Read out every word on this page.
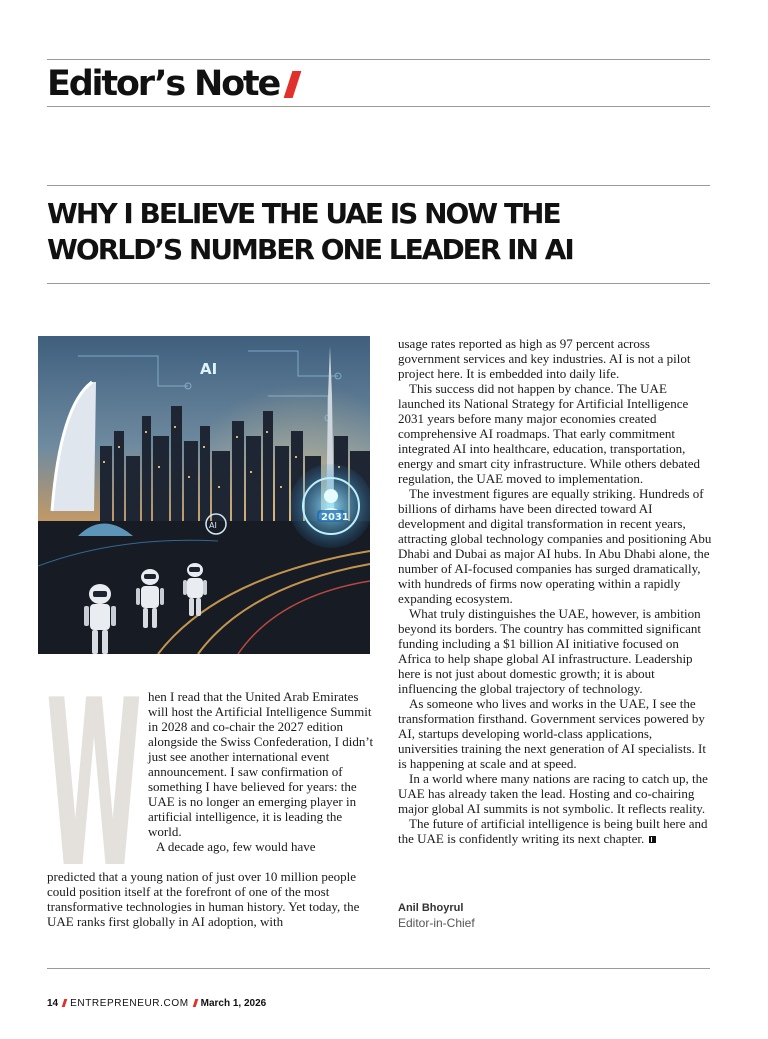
Editor’s Note
WHY I BELIEVE THE UAE IS NOW THE
WORLD’S NUMBER ONE LEADER IN AI
AI
2031
AI
W hen I read that the United Arab Emirates will host the Artificial Intelligence Summit in 2028 and co-chair the 2027 edition alongside the Swiss Confederation, I didn’t just see another international event announcement. I saw confirmation of something I have believed for years: the UAE is no longer an emerging player in artificial intelligence, it is leading the world.

A decade ago, few would have

predicted that a young nation of just over 10 million people could position itself at the forefront of one of the most transformative technologies in human history. Yet today, the UAE ranks first globally in AI adoption, with

usage rates reported as high as 97 percent across government services and key industries. AI is not a pilot project here. It is embedded into daily life.

This success did not happen by chance. The UAE launched its National Strategy for Artificial Intelligence 2031 years before many major economies created comprehensive AI roadmaps. That early commitment integrated AI into healthcare, education, transportation, energy and smart city infrastructure. While others debated regulation, the UAE moved to implementation.

The investment figures are equally striking. Hundreds of billions of dirhams have been directed toward AI development and digital transformation in recent years, attracting global technology companies and positioning Abu Dhabi and Dubai as major AI hubs. In Abu Dhabi alone, the number of AI-focused companies has surged dramatically, with hundreds of firms now operating within a rapidly expanding ecosystem.

What truly distinguishes the UAE, however, is ambition beyond its borders. The country has committed significant funding including a $1 billion AI initiative focused on Africa to help shape global AI infrastructure. Leadership here is not just about domestic growth; it is about influencing the global trajectory of technology.

As someone who lives and works in the UAE, I see the transformation firsthand. Government services powered by AI, startups developing world-class applications, universities training the next generation of AI specialists. It is happening at scale and at speed.

In a world where many nations are racing to catch up, the UAE has already taken the lead. Hosting and co-chairing major global AI summits is not symbolic. It reflects reality.

The future of artificial intelligence is being built here and the UAE is confidently writing its next chapter.

Anil Bhoyrul
Editor-in-Chief
14 ENTREPRENEUR.COM March 1, 2026
